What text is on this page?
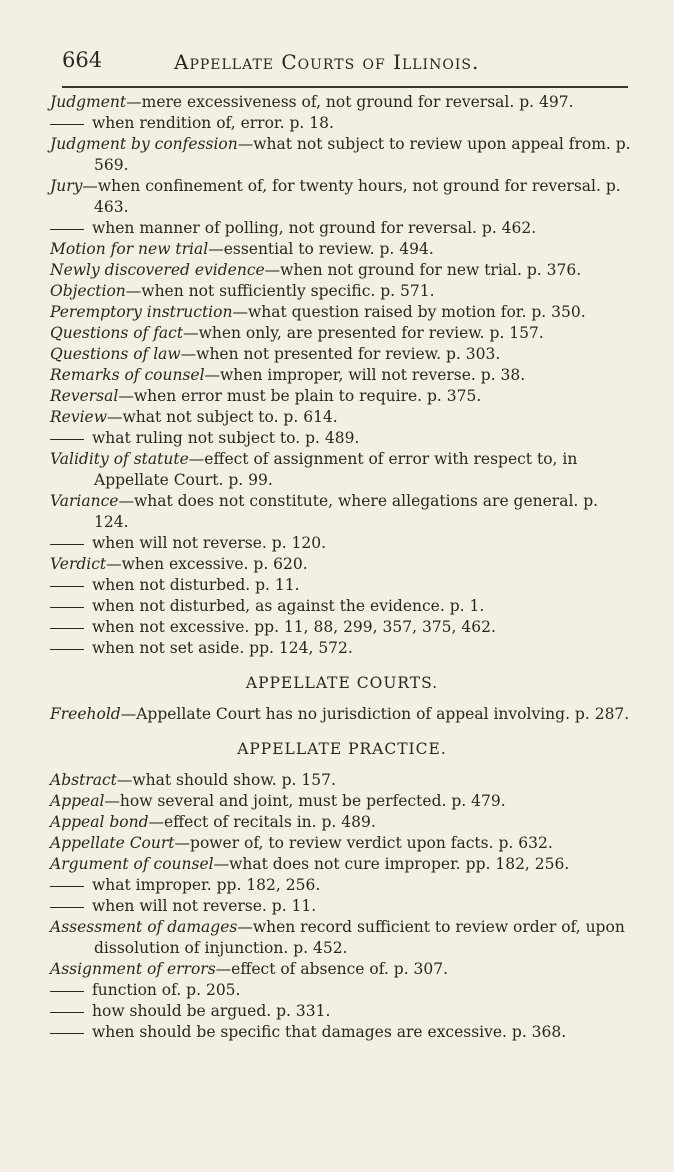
664	Appellate Courts of Illinois.

Judgment—mere excessiveness of, not ground for reversal. p. 497.

when rendition of, error. p. 18.

Judgment by confession—what not subject to review upon appeal from. p. 569.

Jury—when confinement of, for twenty hours, not ground for reversal. p. 463.

when manner of polling, not ground for reversal. p. 462.

Motion for new trial—essential to review. p. 494.

Newly discovered evidence—when not ground for new trial. p. 376.

Objection—when not sufficiently specific. p. 571.

Peremptory instruction—what question raised by motion for. p. 350.

Questions of fact—when only, are presented for review. p. 157.

Questions of law—when not presented for review. p. 303.

Remarks of counsel—when improper, will not reverse. p. 38.

Reversal—when error must be plain to require. p. 375.

Review—what not subject to. p. 614.

what ruling not subject to. p. 489.

Validity of statute—effect of assignment of error with respect to, in Appellate Court. p. 99.

Variance—what does not constitute, where allegations are general. p. 124.

when will not reverse. p. 120.

Verdict—when excessive. p. 620.

when not disturbed. p. 11.

when not disturbed, as against the evidence. p. 1.

when not excessive. pp. 11, 88, 299, 357, 375, 462.

when not set aside. pp. 124, 572.

APPELLATE COURTS.

Freehold—Appellate Court has no jurisdiction of appeal involving. p. 287.

APPELLATE PRACTICE.

Abstract—what should show. p. 157.

Appeal—how several and joint, must be perfected. p. 479.

Appeal bond—effect of recitals in. p. 489.

Appellate Court—power of, to review verdict upon facts. p. 632.

Argument of counsel—what does not cure improper. pp. 182, 256.

what improper. pp. 182, 256.

when will not reverse. p. 11.

Assessment of damages—when record sufficient to review order of, upon dissolution of injunction. p. 452.

Assignment of errors—effect of absence of. p. 307.

function of. p. 205.

how should be argued. p. 331.

when should be specific that damages are excessive. p. 368.
